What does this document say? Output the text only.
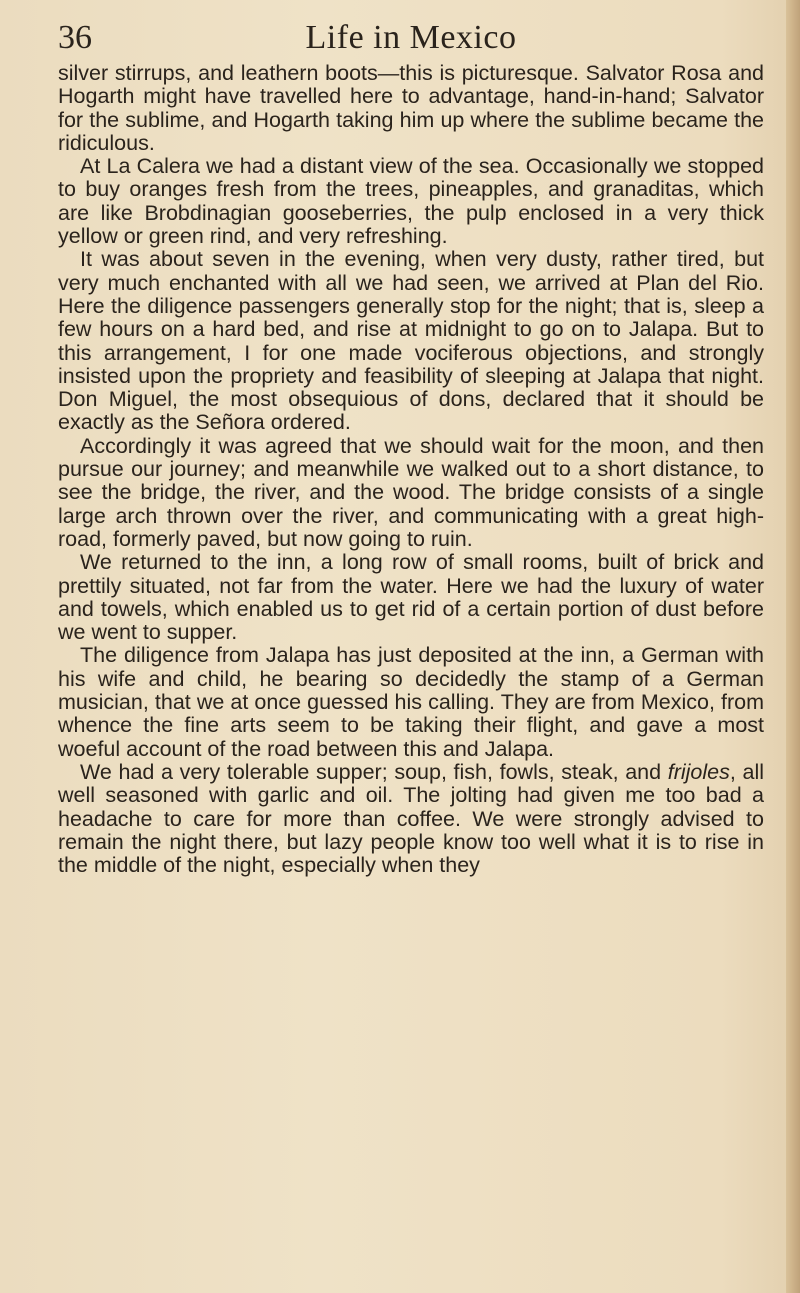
36	Life in Mexico

silver stirrups, and leathern boots—this is picturesque. Salvator Rosa and Hogarth might have travelled here to advantage, hand-in-hand; Salvator for the sublime, and Hogarth taking him up where the sublime became the ridiculous.

At La Calera we had a distant view of the sea. Occasionally we stopped to buy oranges fresh from the trees, pineapples, and granaditas, which are like Brobdinagian gooseberries, the pulp enclosed in a very thick yellow or green rind, and very refreshing.

It was about seven in the evening, when very dusty, rather tired, but very much enchanted with all we had seen, we arrived at Plan del Rio. Here the diligence passengers generally stop for the night; that is, sleep a few hours on a hard bed, and rise at midnight to go on to Jalapa. But to this arrangement, I for one made vociferous objections, and strongly insisted upon the propriety and feasibility of sleeping at Jalapa that night. Don Miguel, the most obsequious of dons, declared that it should be exactly as the Señora ordered.

Accordingly it was agreed that we should wait for the moon, and then pursue our journey; and meanwhile we walked out to a short distance, to see the bridge, the river, and the wood. The bridge consists of a single large arch thrown over the river, and communicating with a great high-road, formerly paved, but now going to ruin.

We returned to the inn, a long row of small rooms, built of brick and prettily situated, not far from the water. Here we had the luxury of water and towels, which enabled us to get rid of a certain portion of dust before we went to supper.

The diligence from Jalapa has just deposited at the inn, a German with his wife and child, he bearing so decidedly the stamp of a German musician, that we at once guessed his calling. They are from Mexico, from whence the fine arts seem to be taking their flight, and gave a most woeful account of the road between this and Jalapa.

We had a very tolerable supper; soup, fish, fowls, steak, and frijoles, all well seasoned with garlic and oil. The jolting had given me too bad a headache to care for more than coffee. We were strongly advised to remain the night there, but lazy people know too well what it is to rise in the middle of the night, especially when they
